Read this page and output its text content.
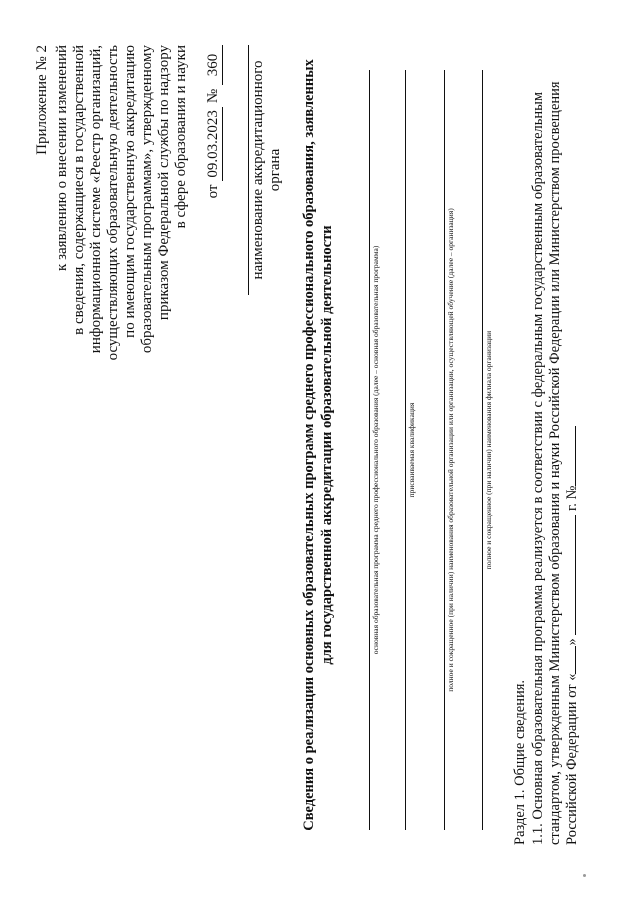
Приложение № 2 к заявлению о внесении изменений в сведения, содержащиеся в государственной информационной системе «Реестр организаций, осуществляющих образовательную деятельность по имеющим государственную аккредитацию образовательным программам», утвержденному приказом Федеральной службы по надзору в сфере образования и науки от 09.03.2023 № 360 наименование аккредитационного органа Сведения о реализации основных образовательных программ среднего профессионального образования, заявленных для государственной аккредитации образовательной деятельности	основная образовательная программа среднего профессионального образования (далее – основная образовательная программа)	присваиваемая квалификация	полное и сокращенное (при наличии) наименования образовательной организации или организации, осуществляющей обучение (далее – организация)	полное и сокращенное (при наличии) наименования филиала организации
Раздел 1. Общие сведения. 1.1. Основная образовательная программа реализуется в соответствии с федеральным государственным образовательным стандартом, утвержденным Министерством образования и науки Российской Федерации или Министерством просвещения Российской Федерации от «»  г. №
